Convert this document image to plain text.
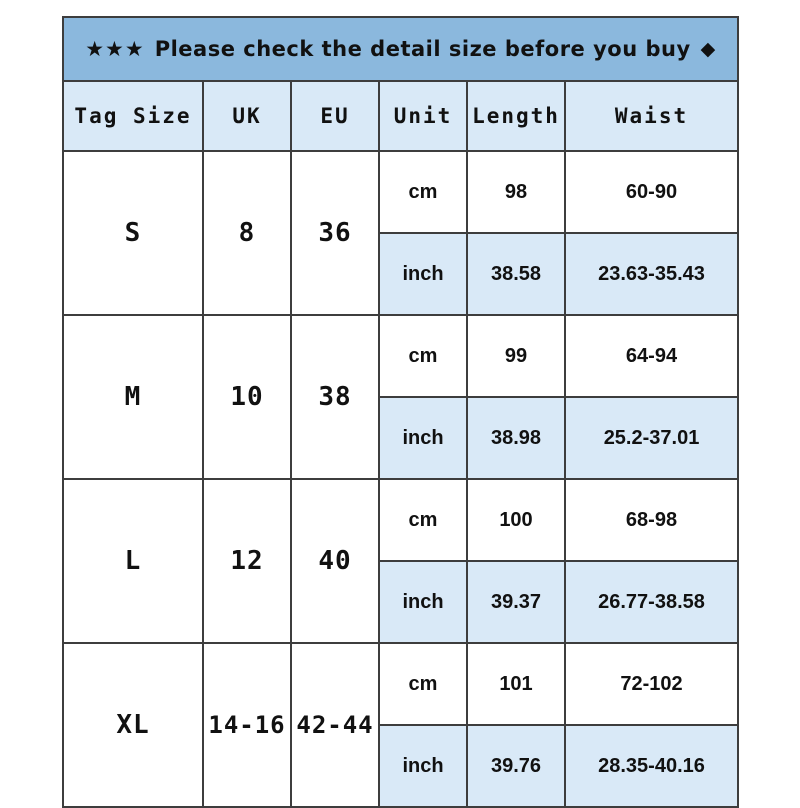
★★★ Please check the detail size before you buy ◆					

Tag Size	UK	EU	Unit	Length	Waist
S	8	36	cm	98	60-90
			inch	38.58	23.63-35.43
M	10	38	cm	99	64-94
			inch	38.98	25.2-37.01
L	12	40	cm	100	68-98
			inch	39.37	26.77-38.58
XL	14-16	42-44	cm	101	72-102
			inch	39.76	28.35-40.16
